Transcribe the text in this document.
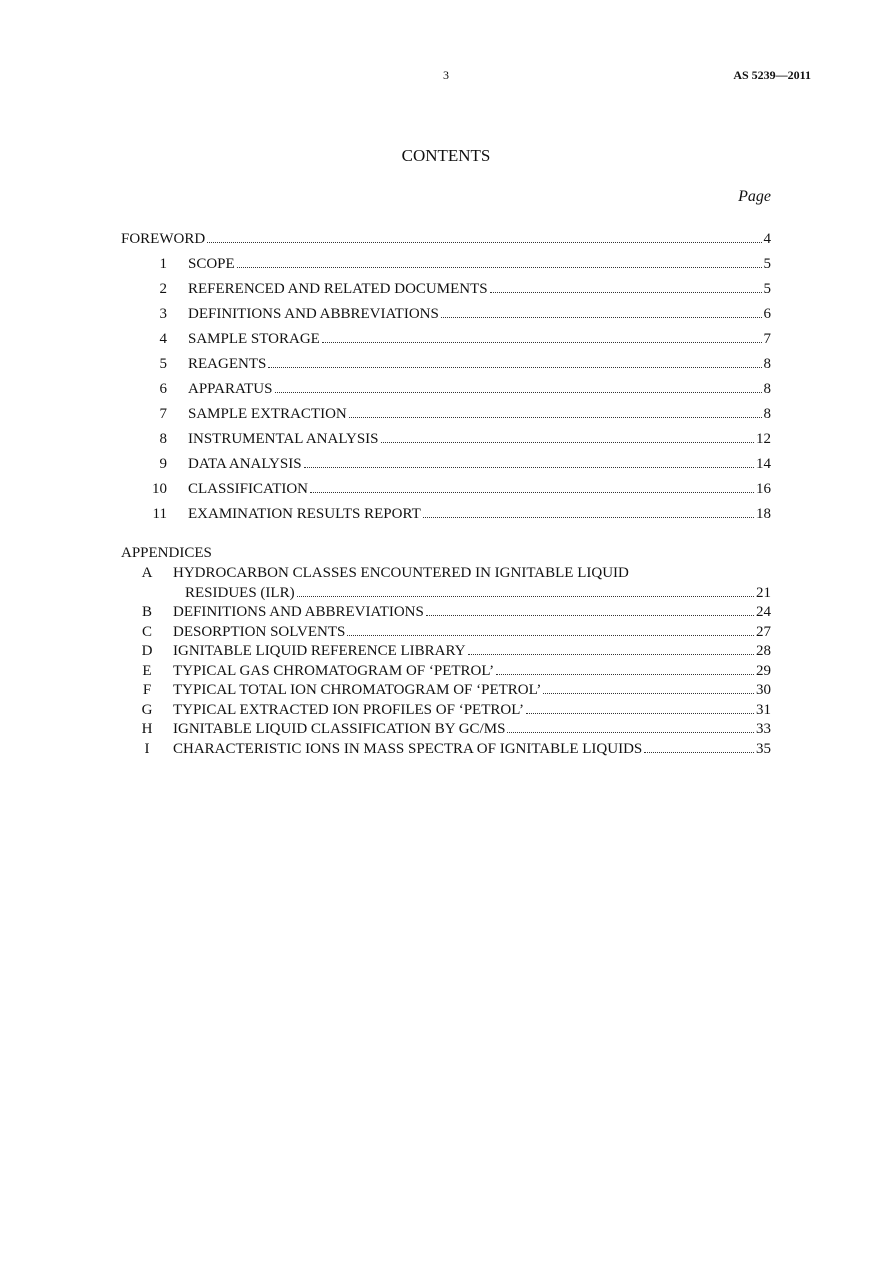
3	AS 5239—2011
CONTENTS
Page
FOREWORD	4
1 SCOPE	5
2 REFERENCED AND RELATED DOCUMENTS	5
3 DEFINITIONS AND ABBREVIATIONS	6
4 SAMPLE STORAGE	7
5 REAGENTS	8
6 APPARATUS	8
7 SAMPLE EXTRACTION	8
8 INSTRUMENTAL ANALYSIS	12
9 DATA ANALYSIS	14
10 CLASSIFICATION	16
11 EXAMINATION RESULTS REPORT	18
APPENDICES
A	HYDROCARBON CLASSES ENCOUNTERED IN IGNITABLE LIQUID
RESIDUES (ILR)	21
B	DEFINITIONS AND ABBREVIATIONS	24
C	DESORPTION SOLVENTS	27
D	IGNITABLE LIQUID REFERENCE LIBRARY	28
E	TYPICAL GAS CHROMATOGRAM OF ‘PETROL’	29
F	TYPICAL TOTAL ION CHROMATOGRAM OF ‘PETROL’	30
G	TYPICAL EXTRACTED ION PROFILES OF ‘PETROL’	31
H	IGNITABLE LIQUID CLASSIFICATION BY GC/MS	33
I	CHARACTERISTIC IONS IN MASS SPECTRA OF IGNITABLE LIQUIDS	35
